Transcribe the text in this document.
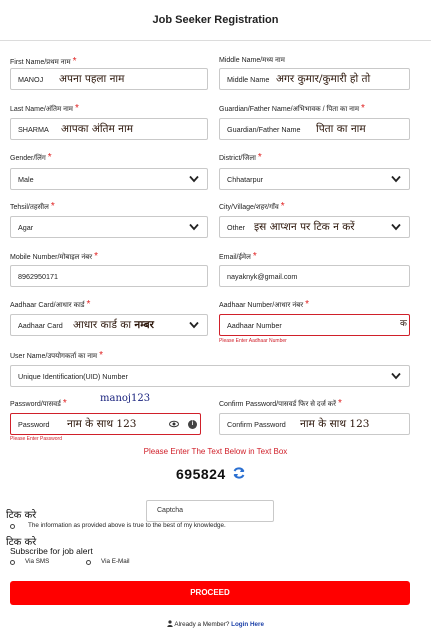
Job Seeker Registration
First Name/प्रथम नाम *
MANOJ अपना पहला नाम
Middle Name/मध्य नाम
Middle Name अगर कुमार/कुमारी हो तो
Last Name/अंतिम नाम *
SHARMA आपका अंतिम नाम
Guardian/Father Name/अभिभावक / पिता का नाम *
Guardian/Father Name पिता का नाम
Gender/लिंग *
Male
District/जिला *
Chhatarpur
Tehsil/तहसील *
Agar
City/Village/शहर/गाँव *
Other इस आप्शन पर टिक न करें
Mobile Number/मोबाइल नंबर *
8962950171
Email/ईमेल *
nayaknyk@gmail.com
Aadhaar Card/आधार कार्ड *
Aadhaar Card आधार कार्ड का नम्बर
Aadhaar Number/आधार नंबर *
Aadhaar Number	क
Please Enter Aadhaar Number
User Name/उपयोगकर्ता का नाम *
Unique Identification(UID) Number
Password/पासवर्ड *	manoj123
Password नाम के साथ 123	i
Please Enter Password
Confirm Password/पासवर्ड फिर से दर्ज करें *
Confirm Password नाम के साथ 123
Please Enter The Text Below in Text Box
695824
Captcha
टिक करे
The information as provided above is true to the best of my knowledge.
टिक करे
Subscribe for job alert
Via SMS	Via E-Mail
PROCEED
Already a Member? Login Here
